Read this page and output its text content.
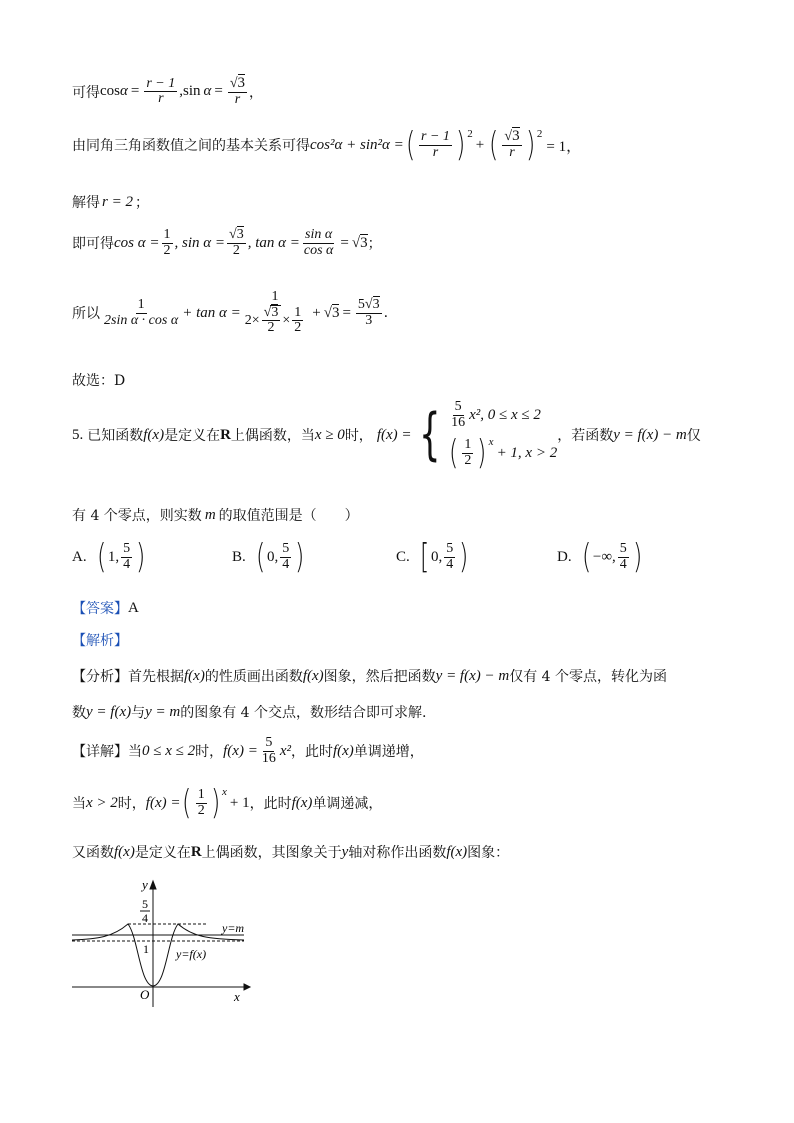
可得 $\cos \alpha = \frac{r - 1}{r}$ , $\sin \alpha = \frac{√3}{r}$ ，
由同角三角函数值之间的基本关系可得 cos²α + sin²α = ( $\frac{r - 1}{r} )^2$
+ ( $\frac{√3}{r} )^2$
= 1，
解得 r = 2 ；
即可得 $\cos \alpha = \frac{1}{2}$ , $\sin \alpha = \frac{√3}{2}$ , $\tan \alpha = \frac{\text{sin α}}{\text{cos α}} = √3$ ；
所以 $\frac{1}{\text{2sin α · cos α}} + \tan \alpha = \frac{1}{2\times \frac{√3}{2} \times \frac{1}{2}} + √3 = \frac{5√3}{3}$ .
故选：D
5. 已知函数 f(x) 是定义在 R 上偶函数，当 x ≥ 0 时， f(x) = { $\frac{5}{16} x^2$, 0 ≤ x ≤ 2
( $\frac{1}{2} )^x$
+ 1, x > 2
，若函数 y = f(x) − m 仅
有 4 个零点，则实数 m 的取值范围是（　　）
A. ( 1, $\frac{5}{4}$ )	B. ( 0, $\frac{5}{4}$ )	C. [ 0, $\frac{5}{4}$ )	D. ( −∞, $\frac{5}{4}$ )
【答案】 A
【解析】
【分析】 首先根据 f(x) 的性质画出函数 f(x) 图象，然后把函数 y = f(x) − m 仅有 4 个零点，转化为函
数 y = f(x) 与 y = m 的图象有 4 个交点，数形结合即可求解.
【详解】 当 0 ≤ x ≤ 2 时， $f(x) = \frac{5}{16} x^2$ ，此时 f(x) 单调递增，
当 x > 2 时， f(x) = ( $\frac{1}{2} )^x$
+ 1 ，此时 f(x) 单调递减，
又函数 f(x) 是定义在 R 上偶函数，其图象关于 y 轴对称作出函数 f(x) 图象：
y
x
O
5
4
1
y=m
y=f(x)
